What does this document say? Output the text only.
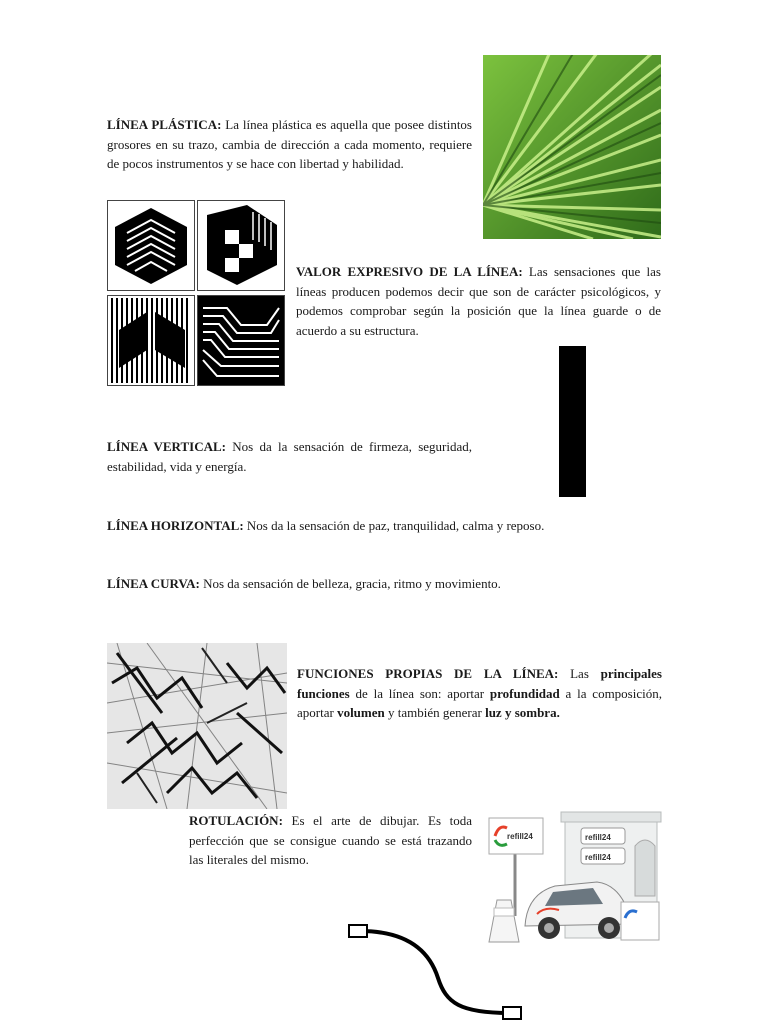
LÍNEA PLÁSTICA: La línea plástica es aquella que posee distintos grosores en su trazo, cambia de dirección a cada momento, requiere de pocos instrumentos y se hace con libertad y habilidad.
VALOR EXPRESIVO DE LA LÍNEA: Las sensaciones que las líneas producen podemos decir que son de carácter psicológicos, y podemos comprobar según la posición que la línea guarde o de acuerdo a su estructura.
LÍNEA VERTICAL: Nos da la sensación de firmeza, seguridad, estabilidad, vida y energía.
LÍNEA HORIZONTAL: Nos da la sensación de paz, tranquilidad, calma y reposo.
LÍNEA CURVA: Nos da sensación de belleza, gracia, ritmo y movimiento.
FUNCIONES PROPIAS DE LA LÍNEA: Las principales funciones de la línea son: aportar profundidad a la composición, aportar volumen y también generar luz y sombra.
ROTULACIÓN: Es el arte de dibujar. Es toda perfección que se consigue cuando se está trazando las literales del mismo.
refill24
refill24
refill24
